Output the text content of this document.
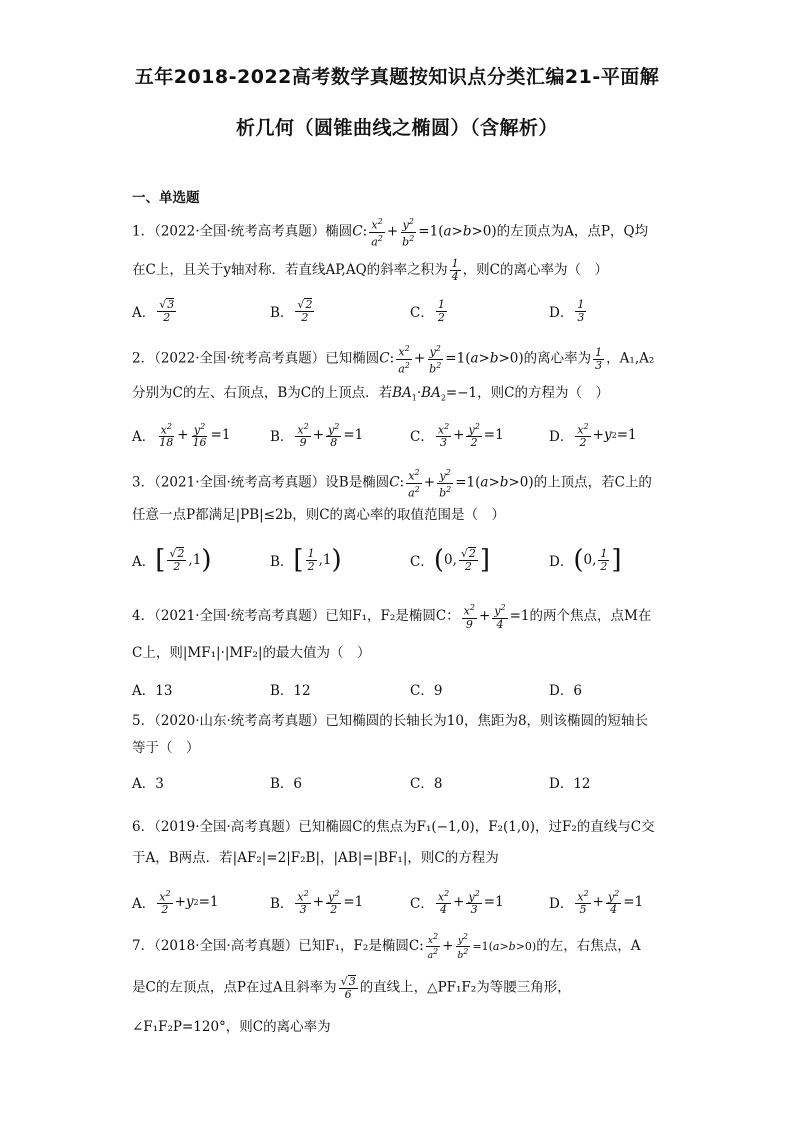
五年2018-2022高考数学真题按知识点分类汇编21-平面解
析几何（圆锥曲线之椭圆）（含解析）
一、单选题
1．（2022·全国·统考高考真题）椭圆C: $\frac{x^2}{a^2} + \frac{y^2}{b^2} =1(a>b>0)$的左顶点为A，点P，Q均
在C上，且关于y轴对称．若直线AP,AQ的斜率之积为 $\frac{1}{4}$ ，则C的离心率为（　）
A． √ $\frac{3}{2}$	B． √ $\frac{2}{2}$	C． $\frac{1}{2}$	D． $\frac{1}{3}$
2．（2022·全国·统考高考真题）已知椭圆C: $\frac{x^2}{a^2} + \frac{y^2}{b^2} =1(a>b>0)$的离心率为 $\frac{1}{3}$ ，A₁,A₂
分别为C的左、右顶点，B为C的上顶点．若$BA_1\cdot BA_2=-1$，则C的方程为（　）
A． $\frac{x^2}{18} + \frac{y^2}{16} =1$	B． $\frac{x^2}{9} + \frac{y^2}{8} =1$	C． $\frac{x^2}{3} + \frac{y^2}{2} =1$	D． $\frac{x^2}{2} + y$ 2 =1
3．（2021·全国·统考高考真题）设B是椭圆C: $\frac{x^2}{a^2} + \frac{y^2}{b^2} =1(a>b>0)$的上顶点，若C上的
任意一点P都满足|PB|≤2b，则C的离心率的取值范围是（　）
A． [ √ $\frac{2}{2} ,1$ )	B． [ $\frac{1}{2} ,1$ )	C． ( 0, √ $\frac{2}{2}$ ]	D． ( 0, $\frac{1}{2}$ ]
4．（2021·全国·统考高考真题）已知F₁，F₂是椭圆C： $\frac{x^2}{9} + \frac{y^2}{4} =1$的两个焦点，点M在
C上，则|MF₁|·|MF₂|的最大值为（　）
A．13	B．12	C．9	D．6
5．（2020·山东·统考高考真题）已知椭圆的长轴长为10，焦距为8，则该椭圆的短轴长
等于（　）
A．3	B．6	C．8	D．12
6．（2019·全国·高考真题）已知椭圆C的焦点为F₁(−1,0)，F₂(1,0)，过F₂的直线与C交
于A，B两点．若|AF₂|=2|F₂B|，|AB|=|BF₁|，则C的方程为
A． $\frac{x^2}{2} + y$ 2 =1	B． $\frac{x^2}{3} + \frac{y^2}{2} =1$	C． $\frac{x^2}{4} + \frac{y^2}{3} =1$	D． $\frac{x^2}{5} + \frac{y^2}{4} =1$
7．（2018·全国·高考真题）已知F₁，F₂是椭圆C: $\frac{x^2}{a^2} + \frac{y^2}{b^2} =1(a>b>0)$的左，右焦点，A
是C的左顶点，点P在过A且斜率为 √ $\frac{3}{6}$ 的直线上，△PF₁F₂为等腰三角形，
∠F₁F₂P=120°，则C的离心率为
